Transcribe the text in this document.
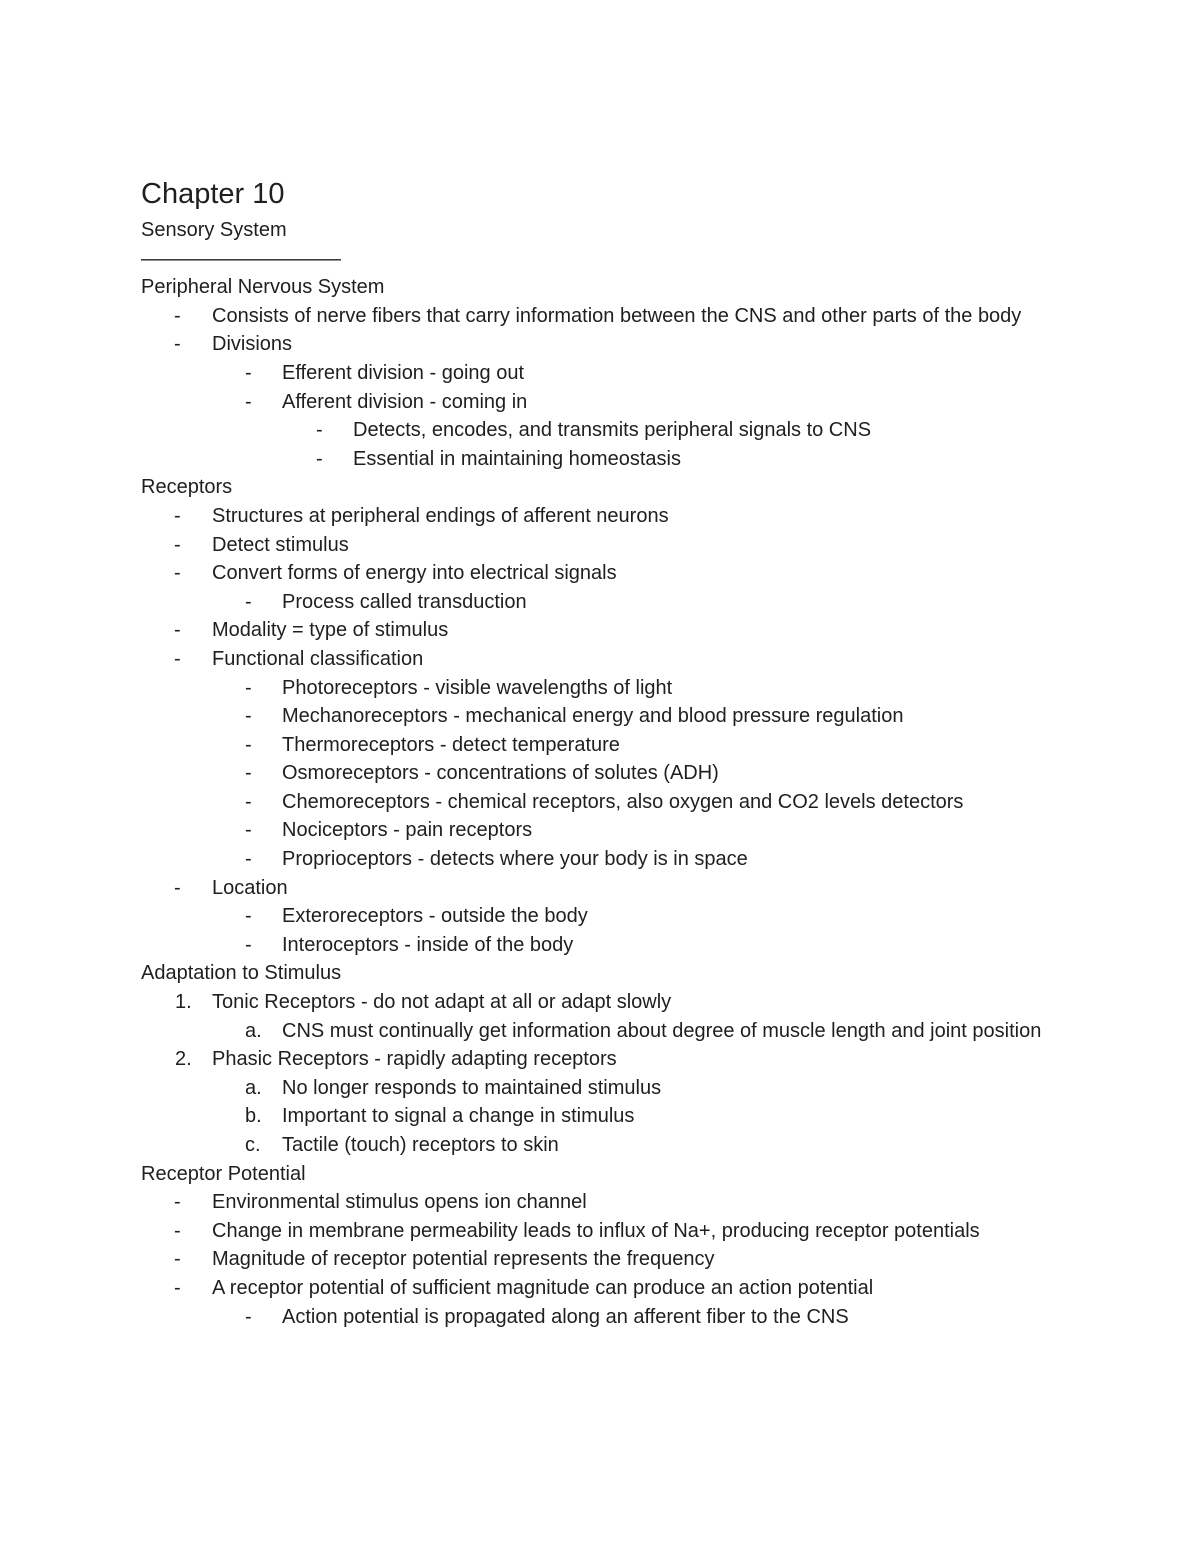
Chapter 10
Sensory System
——————————
Peripheral Nervous System
- Consists of nerve fibers that carry information between the CNS and other parts of the body
- Divisions
- Efferent division - going out
- Afferent division - coming in
- Detects, encodes, and transmits peripheral signals to CNS
- Essential in maintaining homeostasis
Receptors
- Structures at peripheral endings of afferent neurons
- Detect stimulus
- Convert forms of energy into electrical signals
- Process called transduction
- Modality = type of stimulus
- Functional classification
- Photoreceptors - visible wavelengths of light
- Mechanoreceptors - mechanical energy and blood pressure regulation
- Thermoreceptors - detect temperature
- Osmoreceptors - concentrations of solutes (ADH)
- Chemoreceptors - chemical receptors, also oxygen and CO2 levels detectors
- Nociceptors - pain receptors
- Proprioceptors - detects where your body is in space
- Location
- Exteroreceptors - outside the body
- Interoceptors - inside of the body
Adaptation to Stimulus
1. Tonic Receptors - do not adapt at all or adapt slowly
a. CNS must continually get information about degree of muscle length and joint position
2. Phasic Receptors - rapidly adapting receptors
a. No longer responds to maintained stimulus
b. Important to signal a change in stimulus
c. Tactile (touch) receptors to skin
Receptor Potential
- Environmental stimulus opens ion channel
- Change in membrane permeability leads to influx of Na+, producing receptor potentials
- Magnitude of receptor potential represents the frequency
- A receptor potential of sufficient magnitude can produce an action potential
- Action potential is propagated along an afferent fiber to the CNS
